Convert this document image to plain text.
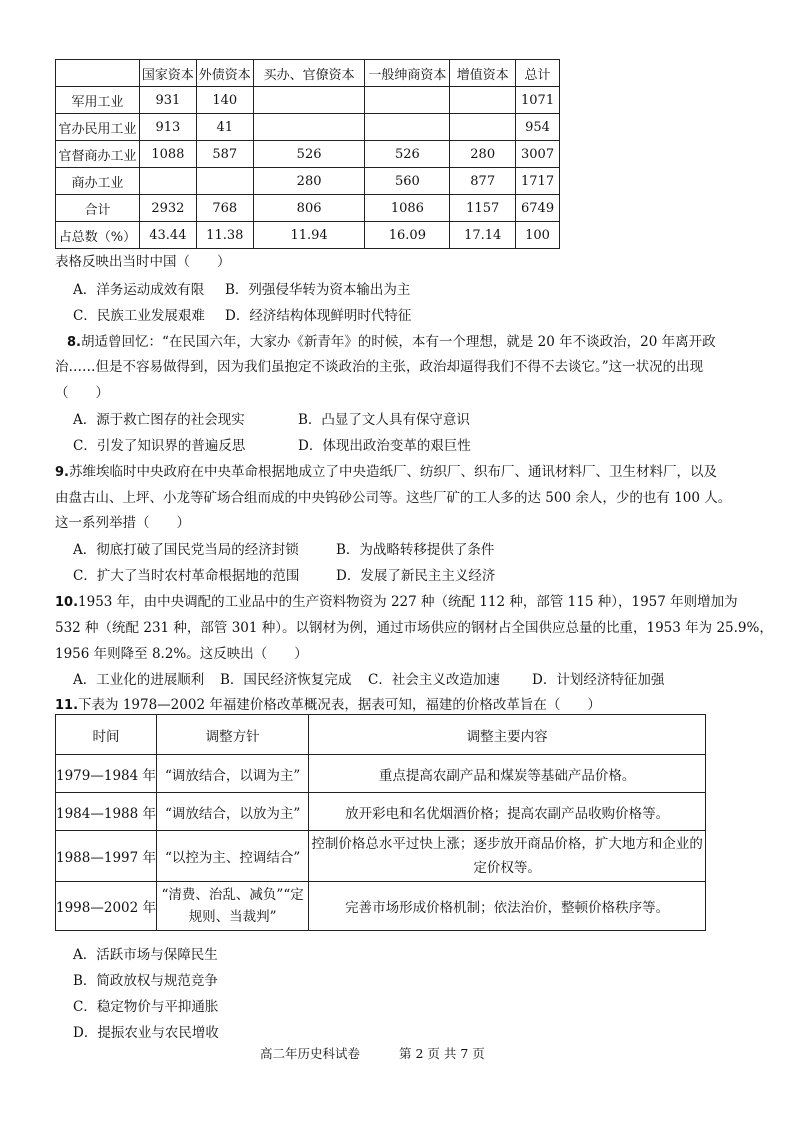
	国家资本	外债资本	买办、官僚资本	一般绅商资本	增值资本	总计
军用工业	931	140				1071
官办民用工业	913	41				954
官督商办工业	1088	587	526	526	280	3007
商办工业			280	560	877	1717
合计	2932	768	806	1086	1157	6749
占总数（%）	43.44	11.38	11.94	16.09	17.14	100
表格反映出当时中国（　　）
A．洋务运动成效有限 B．列强侵华转为资本输出为主
C．民族工业发展艰难 D．经济结构体现鲜明时代特征
8.胡适曾回忆：“在民国六年，大家办《新青年》的时候，本有一个理想，就是 20 年不谈政治，20 年离开政
治……但是不容易做得到，因为我们虽抱定不谈政治的主张，政治却逼得我们不得不去谈它。”这一状况的出现
（　　）
A．源于救亡图存的社会现实	B．凸显了文人具有保守意识
C．引发了知识界的普遍反思	D．体现出政治变革的艰巨性
9.苏维埃临时中央政府在中央革命根据地成立了中央造纸厂、纺织厂、织布厂、通讯材料厂、卫生材料厂，以及
由盘古山、上坪、小龙等矿场合组而成的中央钨砂公司等。这些厂矿的工人多的达 500 余人，少的也有 100 人。
这一系列举措（　　）
A．彻底打破了国民党当局的经济封锁	B．为战略转移提供了条件
C．扩大了当时农村革命根据地的范围	D．发展了新民主主义经济
10.1953 年，由中央调配的工业品中的生产资料物资为 227 种（统配 112 种，部管 115 种），1957 年则增加为
532 种（统配 231 种，部管 301 种）。以钢材为例，通过市场供应的钢材占全国供应总量的比重，1953 年为 25.9%，
1956 年则降至 8.2%。这反映出（　　）
A．工业化的进展顺利 B．国民经济恢复完成 C．社会主义改造加速 D．计划经济特征加强
11.下表为 1978—2002 年福建价格改革概况表，据表可知，福建的价格改革旨在（　　）
时间	调整方针	调整主要内容
1979—1984 年	“调放结合，以调为主”	重点提高农副产品和煤炭等基础产品价格。
1984—1988 年	“调放结合，以放为主”	放开彩电和名优烟酒价格；提高农副产品收购价格等。
1988—1997 年	“以控为主、控调结合”	控制价格总水平过快上涨；逐步放开商品价格，扩大地方和企业的定价权等。
1998—2002 年	“清费、治乱、减负”“定规则、当裁判”	完善市场形成价格机制；依法治价，整顿价格秩序等。
A．活跃市场与保障民生
B．简政放权与规范竞争
C．稳定物价与平抑通胀
D．提振农业与农民增收
高二年历史科试卷	第 2 页 共 7 页
